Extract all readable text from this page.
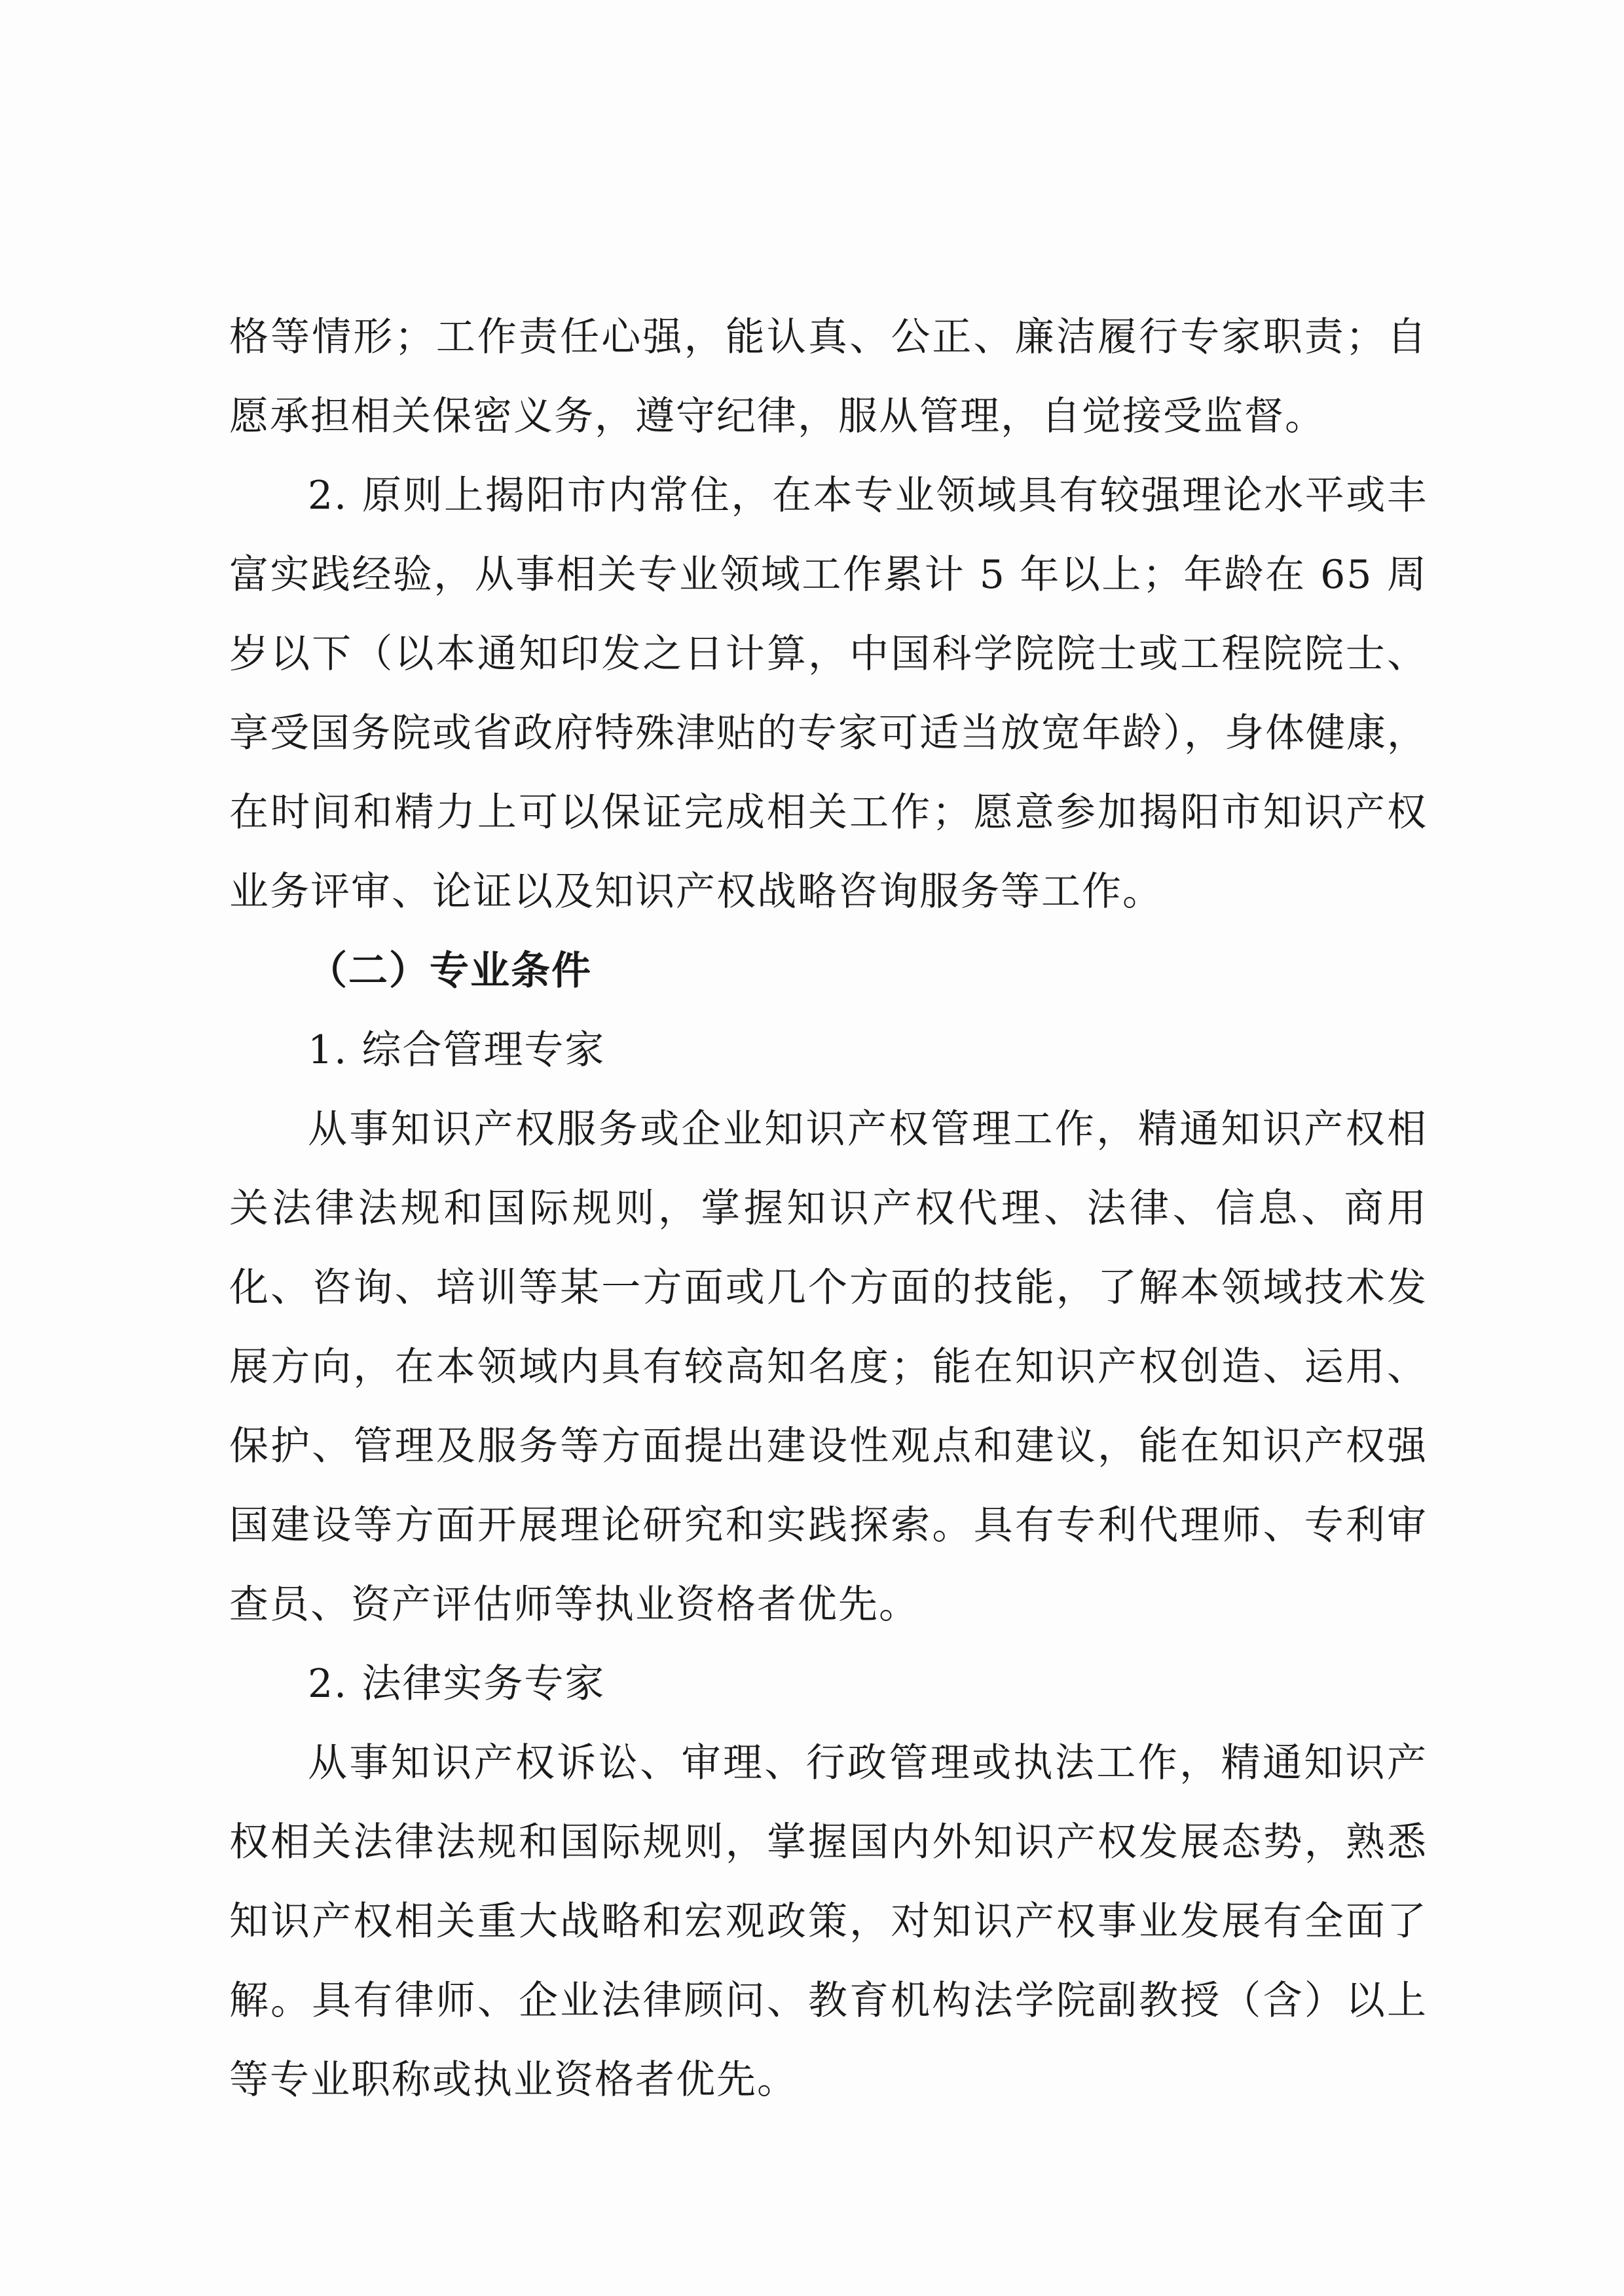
格等情形；工作责任心强，能认真、公正、廉洁履行专家职责；自愿承担相关保密义务，遵守纪律，服从管理，自觉接受监督。

2. 原则上揭阳市内常住，在本专业领域具有较强理论水平或丰富实践经验，从事相关专业领域工作累计 5 年以上；年龄在 65 周岁以下（以本通知印发之日计算，中国科学院院士或工程院院士、享受国务院或省政府特殊津贴的专家可适当放宽年龄），身体健康，在时间和精力上可以保证完成相关工作；愿意参加揭阳市知识产权业务评审、论证以及知识产权战略咨询服务等工作。

（二）专业条件

1. 综合管理专家

从事知识产权服务或企业知识产权管理工作，精通知识产权相关法律法规和国际规则，掌握知识产权代理、法律、信息、商用化、咨询、培训等某一方面或几个方面的技能，了解本领域技术发展方向，在本领域内具有较高知名度；能在知识产权创造、运用、保护、管理及服务等方面提出建设性观点和建议，能在知识产权强国建设等方面开展理论研究和实践探索。具有专利代理师、专利审查员、资产评估师等执业资格者优先。

2. 法律实务专家

从事知识产权诉讼、审理、行政管理或执法工作，精通知识产权相关法律法规和国际规则，掌握国内外知识产权发展态势，熟悉知识产权相关重大战略和宏观政策，对知识产权事业发展有全面了解。具有律师、企业法律顾问、教育机构法学院副教授（含）以上等专业职称或执业资格者优先。
